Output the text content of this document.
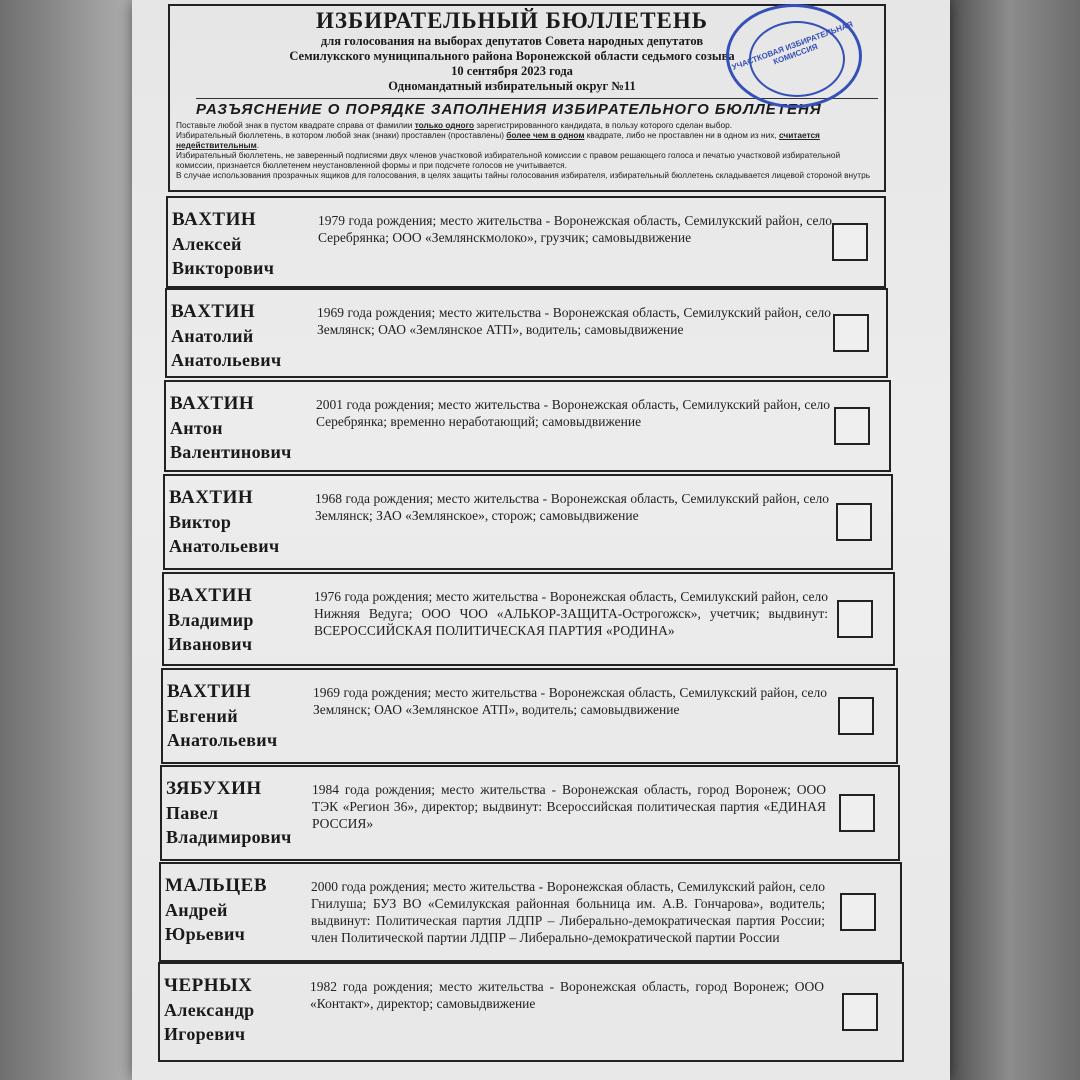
ИЗБИРАТЕЛЬНЫЙ БЮЛЛЕТЕНЬ
для голосования на выборах депутатов Совета народных депутатов
Семилукского муниципального района Воронежской области седьмого созыва
10 сентября 2023 года
Одномандатный избирательный округ №11
РАЗЪЯСНЕНИЕ О ПОРЯДКЕ ЗАПОЛНЕНИЯ ИЗБИРАТЕЛЬНОГО БЮЛЛЕТЕНЯ
Поставьте любой знак в пустом квадрате справа от фамилии только одного зарегистрированного кандидата, в пользу которого сделан выбор.
Избирательный бюллетень, в котором любой знак (знаки) проставлен (проставлены) более чем в одном квадрате, либо не проставлен ни в одном из них, считается недействительным.
Избирательный бюллетень, не заверенный подписями двух членов участковой избирательной комиссии с правом решающего голоса и печатью участковой избирательной комиссии, признается бюллетенем неустановленной формы и при подсчете голосов не учитывается.
В случае использования прозрачных ящиков для голосования, в целях защиты тайны голосования избирателя, избирательный бюллетень складывается лицевой стороной внутрь
УЧАСТКОВАЯ ИЗБИРАТЕЛЬНАЯ КОМИССИЯ
ВАХТИН
Алексей
Викторович
1979 года рождения; место жительства - Воронежская область, Семилукский район, село Серебрянка; ООО «Землянскмолоко», грузчик; самовыдвижение
ВАХТИН
Анатолий
Анатольевич
1969 года рождения; место жительства - Воронежская область, Семилукский район, село Землянск; ОАО «Землянское АТП», водитель; самовыдвижение
ВАХТИН
Антон
Валентинович
2001 года рождения; место жительства - Воронежская область, Семилукский район, село Серебрянка; временно неработающий; самовыдвижение
ВАХТИН
Виктор
Анатольевич
1968 года рождения; место жительства - Воронежская область, Семилукский район, село Землянск; ЗАО «Землянское», сторож; самовыдвижение
ВАХТИН
Владимир
Иванович
1976 года рождения; место жительства - Воронежская область, Семилукский район, село Нижняя Ведуга; ООО ЧОО «АЛЬКОР-ЗАЩИТА-Острогожск», учетчик; выдвинут: ВСЕРОССИЙСКАЯ ПОЛИТИЧЕСКАЯ ПАРТИЯ «РОДИНА»
ВАХТИН
Евгений
Анатольевич
1969 года рождения; место жительства - Воронежская область, Семилукский район, село Землянск; ОАО «Землянское АТП», водитель; самовыдвижение
ЗЯБУХИН
Павел
Владимирович
1984 года рождения; место жительства - Воронежская область, город Воронеж; ООО ТЭК «Регион 36», директор; выдвинут: Всероссийская политическая партия «ЕДИНАЯ РОССИЯ»
МАЛЬЦЕВ
Андрей
Юрьевич
2000 года рождения; место жительства - Воронежская область, Семилукский район, село Гнилуша; БУЗ ВО «Семилукская районная больница им. А.В. Гончарова», водитель; выдвинут: Политическая партия ЛДПР – Либерально-демократическая партия России; член Политической партии ЛДПР – Либерально-демократической партии России
ЧЕРНЫХ
Александр
Игоревич
1982 года рождения; место жительства - Воронежская область, город Воронеж; ООО «Контакт», директор; самовыдвижение
